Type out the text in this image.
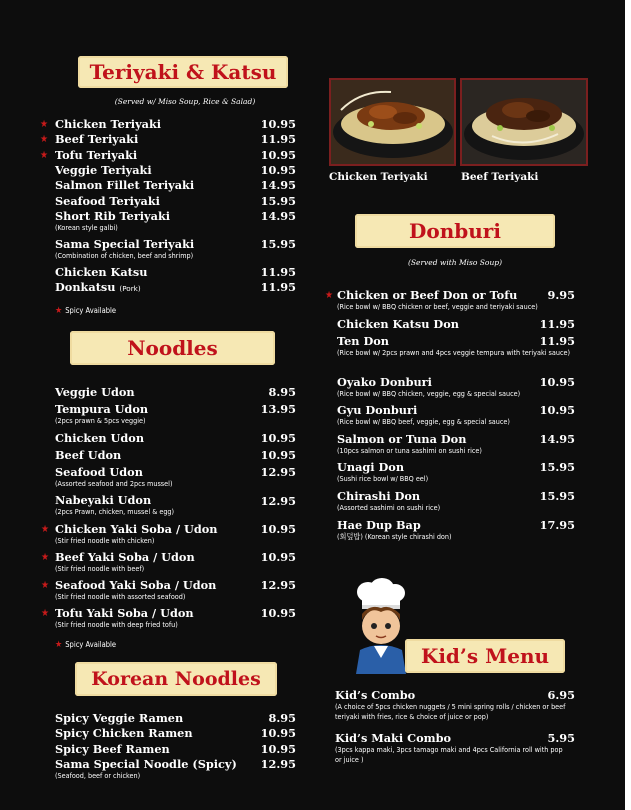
Teriyaki & Katsu
(Served w/ Miso Soup, Rice & Salad)
★ Chicken Teriyaki	10.95
★ Beef Teriyaki	11.95
★ Tofu Teriyaki	10.95
Veggie Teriyaki	10.95
Salmon Fillet Teriyaki	14.95
Seafood Teriyaki	15.95
Short Rib Teriyaki	14.95
(Korean style galbi)
Sama Special Teriyaki	15.95
(Combination of chicken, beef and shrimp)
Chicken Katsu	11.95
Donkatsu (Pork)	11.95
★ Spicy Available
Noodles
Veggie Udon	8.95
Tempura Udon	13.95
(2pcs prawn & 5pcs veggie)
Chicken Udon	10.95
Beef Udon	10.95
Seafood Udon	12.95
(Assorted seafood and 2pcs mussel)
Nabeyaki Udon	12.95
(2pcs Prawn, chicken, mussel & egg)
★ Chicken Yaki Soba / Udon	10.95
(Stir fried noodle with chicken)
★ Beef Yaki Soba / Udon	10.95
(Stir fried noodle with beef)
★ Seafood Yaki Soba / Udon	12.95
(Stir fried noodle with assorted seafood)
★ Tofu Yaki Soba / Udon	10.95
(Stir fried noodle with deep fried tofu)
★ Spicy Available
Korean Noodles
Spicy Veggie Ramen	8.95
Spicy Chicken Ramen	10.95
Spicy Beef Ramen	10.95
Sama Special Noodle (Spicy)	12.95
(Seafood, beef or chicken)
Chicken Teriyaki	Beef Teriyaki
Donburi
(Served with Miso Soup)
★ Chicken or Beef Don or Tofu	9.95
(Rice bowl w/ BBQ chicken or beef, veggie and teriyaki sauce)
Chicken Katsu Don	11.95
Ten Don	11.95
(Rice bowl w/ 2pcs prawn and 4pcs veggie tempura with teriyaki sauce)
Oyako Donburi	10.95
(Rice bowl w/ BBQ chicken, veggie, egg & special sauce)
Gyu Donburi	10.95
(Rice bowl w/ BBQ beef, veggie, egg & special sauce)
Salmon or Tuna Don	14.95
(10pcs salmon or tuna sashimi on sushi rice)
Unagi Don	15.95
(Sushi rice bowl w/ BBQ eel)
Chirashi Don	15.95
(Assorted sashimi on sushi rice)
Hae Dup Bap	17.95
(회덮밥) (Korean style chirashi don)
Kid’s Menu
Kid’s Combo	6.95
(A choice of 5pcs chicken nuggets / 5 mini spring rolls / chicken or beef teriyaki with fries, rice & choice of juice or pop)
Kid’s Maki Combo	5.95
(3pcs kappa maki, 3pcs tamago maki and 4pcs California roll with pop or juice )
